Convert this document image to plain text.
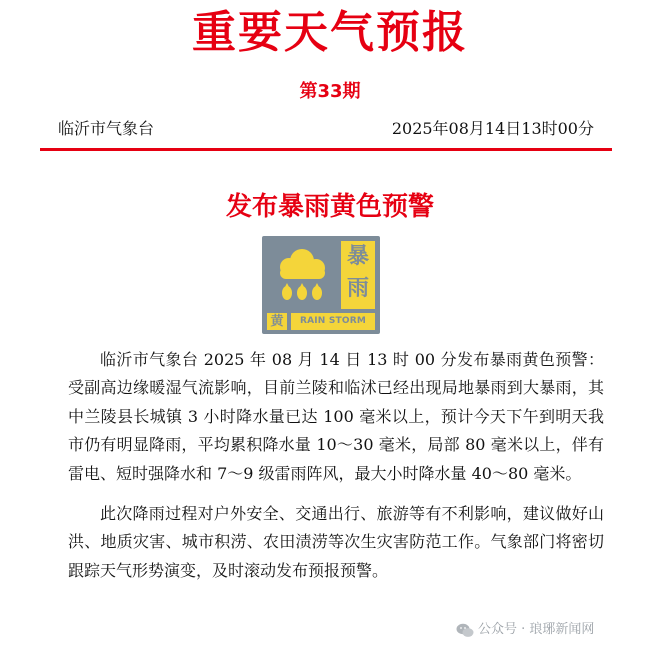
重要天气预报
第33期
临沂市气象台	2025年08月14日13时00分
发布暴雨黄色预警
暴
雨
黄	RAIN STORM

临沂市气象台 2025 年 08 月 14 日 13 时 00 分发布暴雨黄色预警：受副高边缘暖湿气流影响，目前兰陵和临沭已经出现局地暴雨到大暴雨，其中兰陵县长城镇 3 小时降水量已达 100 毫米以上，预计今天下午到明天我市仍有明显降雨，平均累积降水量 10～30 毫米，局部 80 毫米以上，伴有雷电、短时强降水和 7～9 级雷雨阵风，最大小时降水量 40～80 毫米。

此次降雨过程对户外安全、交通出行、旅游等有不利影响，建议做好山洪、地质灾害、城市积涝、农田渍涝等次生灾害防范工作。气象部门将密切跟踪天气形势演变，及时滚动发布预报预警。

公众号 · 琅琊新闻网
